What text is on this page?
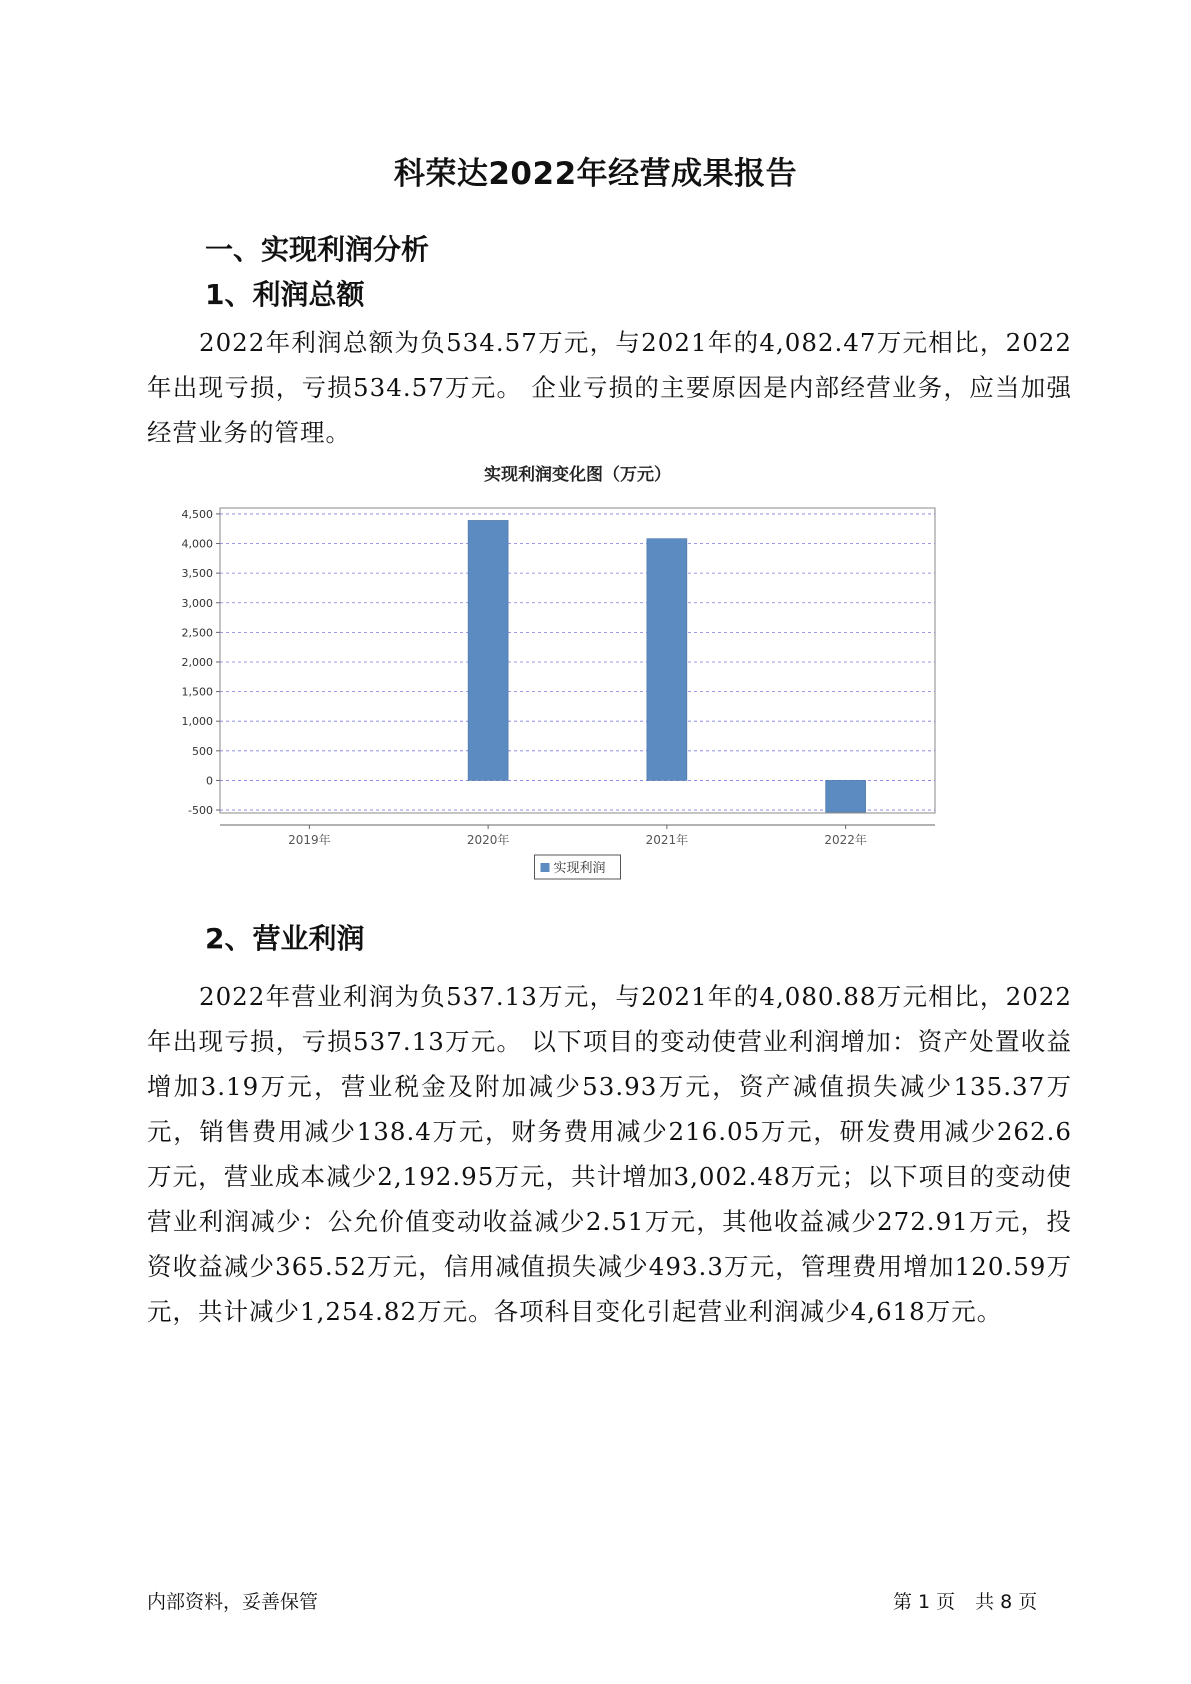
科荣达2022年经营成果报告
一、实现利润分析
1、利润总额
2022年利润总额为负534.57万元，与2021年的4,082.47万元相比，2022年出现亏损，亏损534.57万元。 企业亏损的主要原因是内部经营业务，应当加强经营业务的管理。
实现利润变化图（万元）
-500
0
500
1,000
1,500
2,000
2,500
3,000
3,500
4,000
4,500
2019年	2020年	2021年	2022年
实现利润
2、营业利润
2022年营业利润为负537.13万元，与2021年的4,080.88万元相比，2022年出现亏损，亏损537.13万元。 以下项目的变动使营业利润增加：资产处置收益增加3.19万元，营业税金及附加减少53.93万元，资产减值损失减少135.37万元，销售费用减少138.4万元，财务费用减少216.05万元，研发费用减少262.6万元，营业成本减少2,192.95万元，共计增加3,002.48万元；以下项目的变动使营业利润减少：公允价值变动收益减少2.51万元，其他收益减少272.91万元，投资收益减少365.52万元，信用减值损失减少493.3万元，管理费用增加120.59万元，共计减少1,254.82万元。各项科目变化引起营业利润减少4,618万元。
内部资料，妥善保管	第 1 页 共 8 页
